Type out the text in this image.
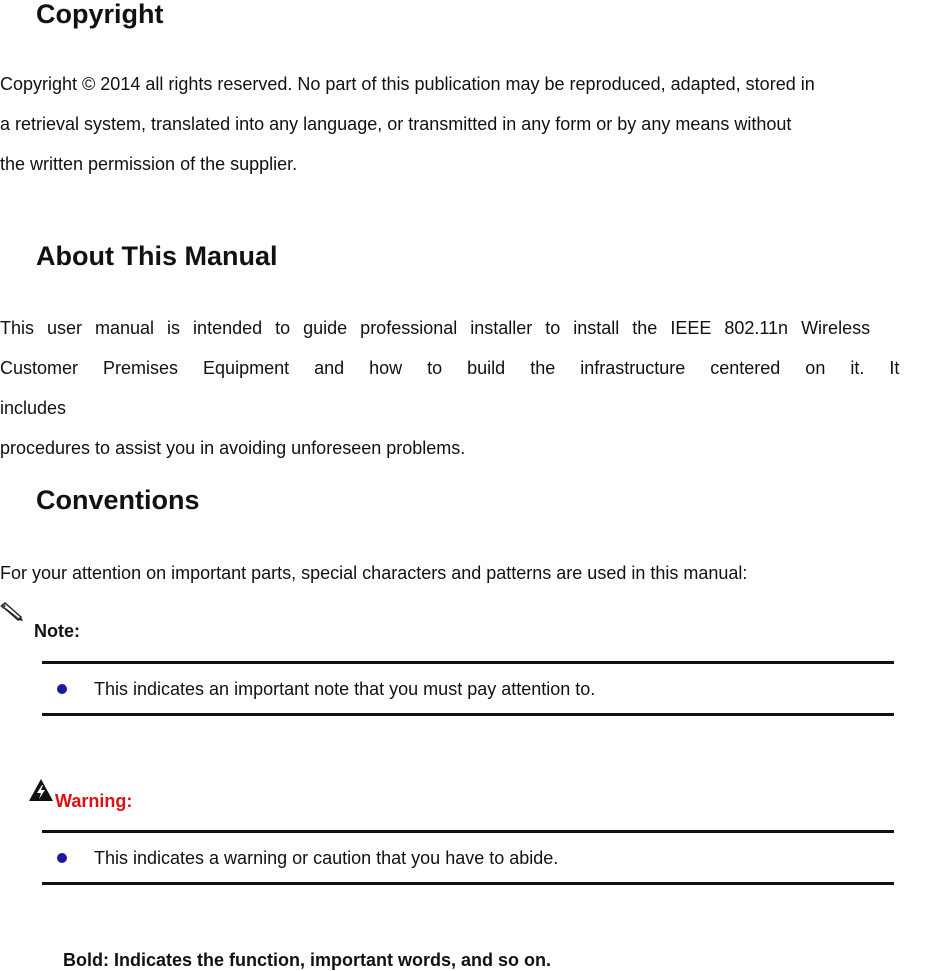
Copyright
Copyright © 2014 all rights reserved. No part of this publication may be reproduced, adapted, stored in
a retrieval system, translated into any language, or transmitted in any form or by any means without
the written permission of the supplier.
About This Manual
This user manual is intended to guide professional installer to install the IEEE 802.11n Wireless
Customer Premises Equipment and how to build the infrastructure centered on it. It includes
procedures to assist you in avoiding unforeseen problems.
Conventions
For your attention on important parts, special characters and patterns are used in this manual:
Note:
This indicates an important note that you must pay attention to.
Warning:
This indicates a warning or caution that you have to abide.
Bold: Indicates the function, important words, and so on.
